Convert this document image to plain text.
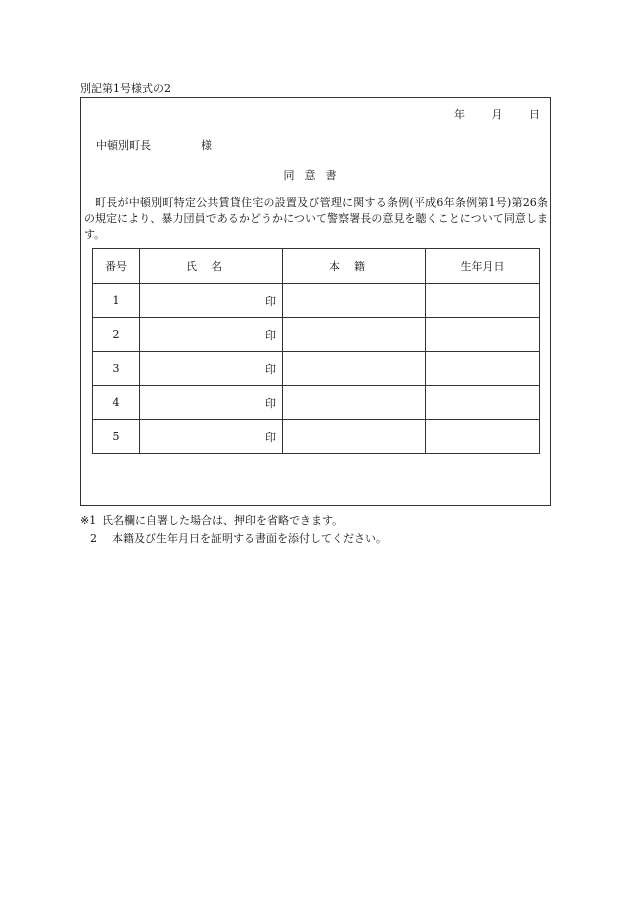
別記第1号様式の2
年 月 日
中頓別町長	様
同意書
町長が中頓別町特定公共賃貸住宅の設置及び管理に関する条例(平成6年条例第1号)第26条の規定により、暴力団員であるかどうかについて警察署長の意見を聴くことについて同意します。
番号	氏名	本籍	生年月日
1	印		
2	印		
3	印		
4	印		
5	印		
※1 氏名欄に自署した場合は、押印を省略できます。
2 本籍及び生年月日を証明する書面を添付してください。
